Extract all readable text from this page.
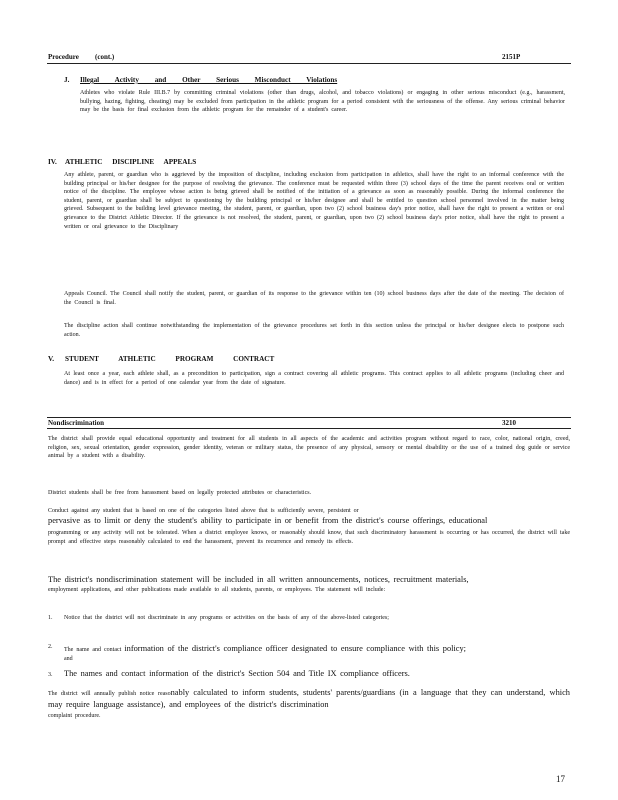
Procedure (cont.)	2151P
J. Illegal Activity and Other Serious Misconduct Violations
Athletes who violate Rule III.B.7 by committing criminal violations (other than drugs, alcohol, and tobacco violations) or engaging in other serious misconduct (e.g., harassment, bullying, hazing, fighting, cheating) may be excluded from participation in the athletic program for a period consistent with the seriousness of the offense. Any serious criminal behavior may be the basis for final exclusion from the athletic program for the remainder of a student's career.
IV. ATHLETIC DISCIPLINE APPEALS
Any athlete, parent, or guardian who is aggrieved by the imposition of discipline, including exclusion from participation in athletics, shall have the right to an informal conference with the building principal or his/her designee for the purpose of resolving the grievance. The conference must be requested within three (3) school days of the time the parent receives oral or written notice of the discipline. The employee whose action is being grieved shall be notified of the initiation of a grievance as soon as reasonably possible. During the informal conference the student, parent, or guardian shall be subject to questioning by the building principal or his/her designee and shall be entitled to question school personnel involved in the matter being grieved. Subsequent to the building level grievance meeting, the student, parent, or guardian, upon two (2) school business day's prior notice, shall have the right to present a written or oral grievance to the District Athletic Director. If the grievance is not resolved, the student, parent, or guardian, upon two (2) school business day's prior notice, shall have the right to present a written or oral grievance to the Disciplinary
Appeals Council. The Council shall notify the student, parent, or guardian of its response to the grievance within ten (10) school business days after the date of the meeting. The decision of the Council is final.
The discipline action shall continue notwithstanding the implementation of the grievance procedures set forth in this section unless the principal or his/her designee elects to postpone such action.
V. STUDENT ATHLETIC PROGRAM CONTRACT
At least once a year, each athlete shall, as a precondition to participation, sign a contract covering all athletic programs. This contract applies to all athletic programs (including cheer and dance) and is in effect for a period of one calendar year from the date of signature.
Nondiscrimination	3210
The district shall provide equal educational opportunity and treatment for all students in all aspects of the academic and activities program without regard to race, color, national origin, creed, religion, sex, sexual orientation, gender expression, gender identity, veteran or military status, the presence of any physical, sensory or mental disability or the use of a trained dog guide or service animal by a student with a disability.
District students shall be free from harassment based on legally protected attributes or characteristics.
Conduct against any student that is based on one of the categories listed above that is sufficiently severe, persistent or
pervasive as to limit or deny the student's ability to participate in or benefit from the district's course offerings, educational
programming or any activity will not be tolerated. When a district employee knows, or reasonably should know, that such discriminatory harassment is occurring or has occurred, the district will take prompt and effective steps reasonably calculated to end the harassment, prevent its recurrence and remedy its effects.
The district's nondiscrimination statement will be included in all written announcements, notices, recruitment materials,
employment applications, and other publications made available to all students, parents, or employees. The statement will include:
1. Notice that the district will not discriminate in any programs or activities on the basis of any of the above-listed categories;
2. The name and contact information of the district's compliance officer designated to ensure compliance with this policy;
and
3. The names and contact information of the district's Section 504 and Title IX compliance officers.
The district will annually publish notice reasonably calculated to inform students, students' parents/guardians (in a language that they can understand, which may require language assistance), and employees of the district's discrimination
complaint procedure.
17
